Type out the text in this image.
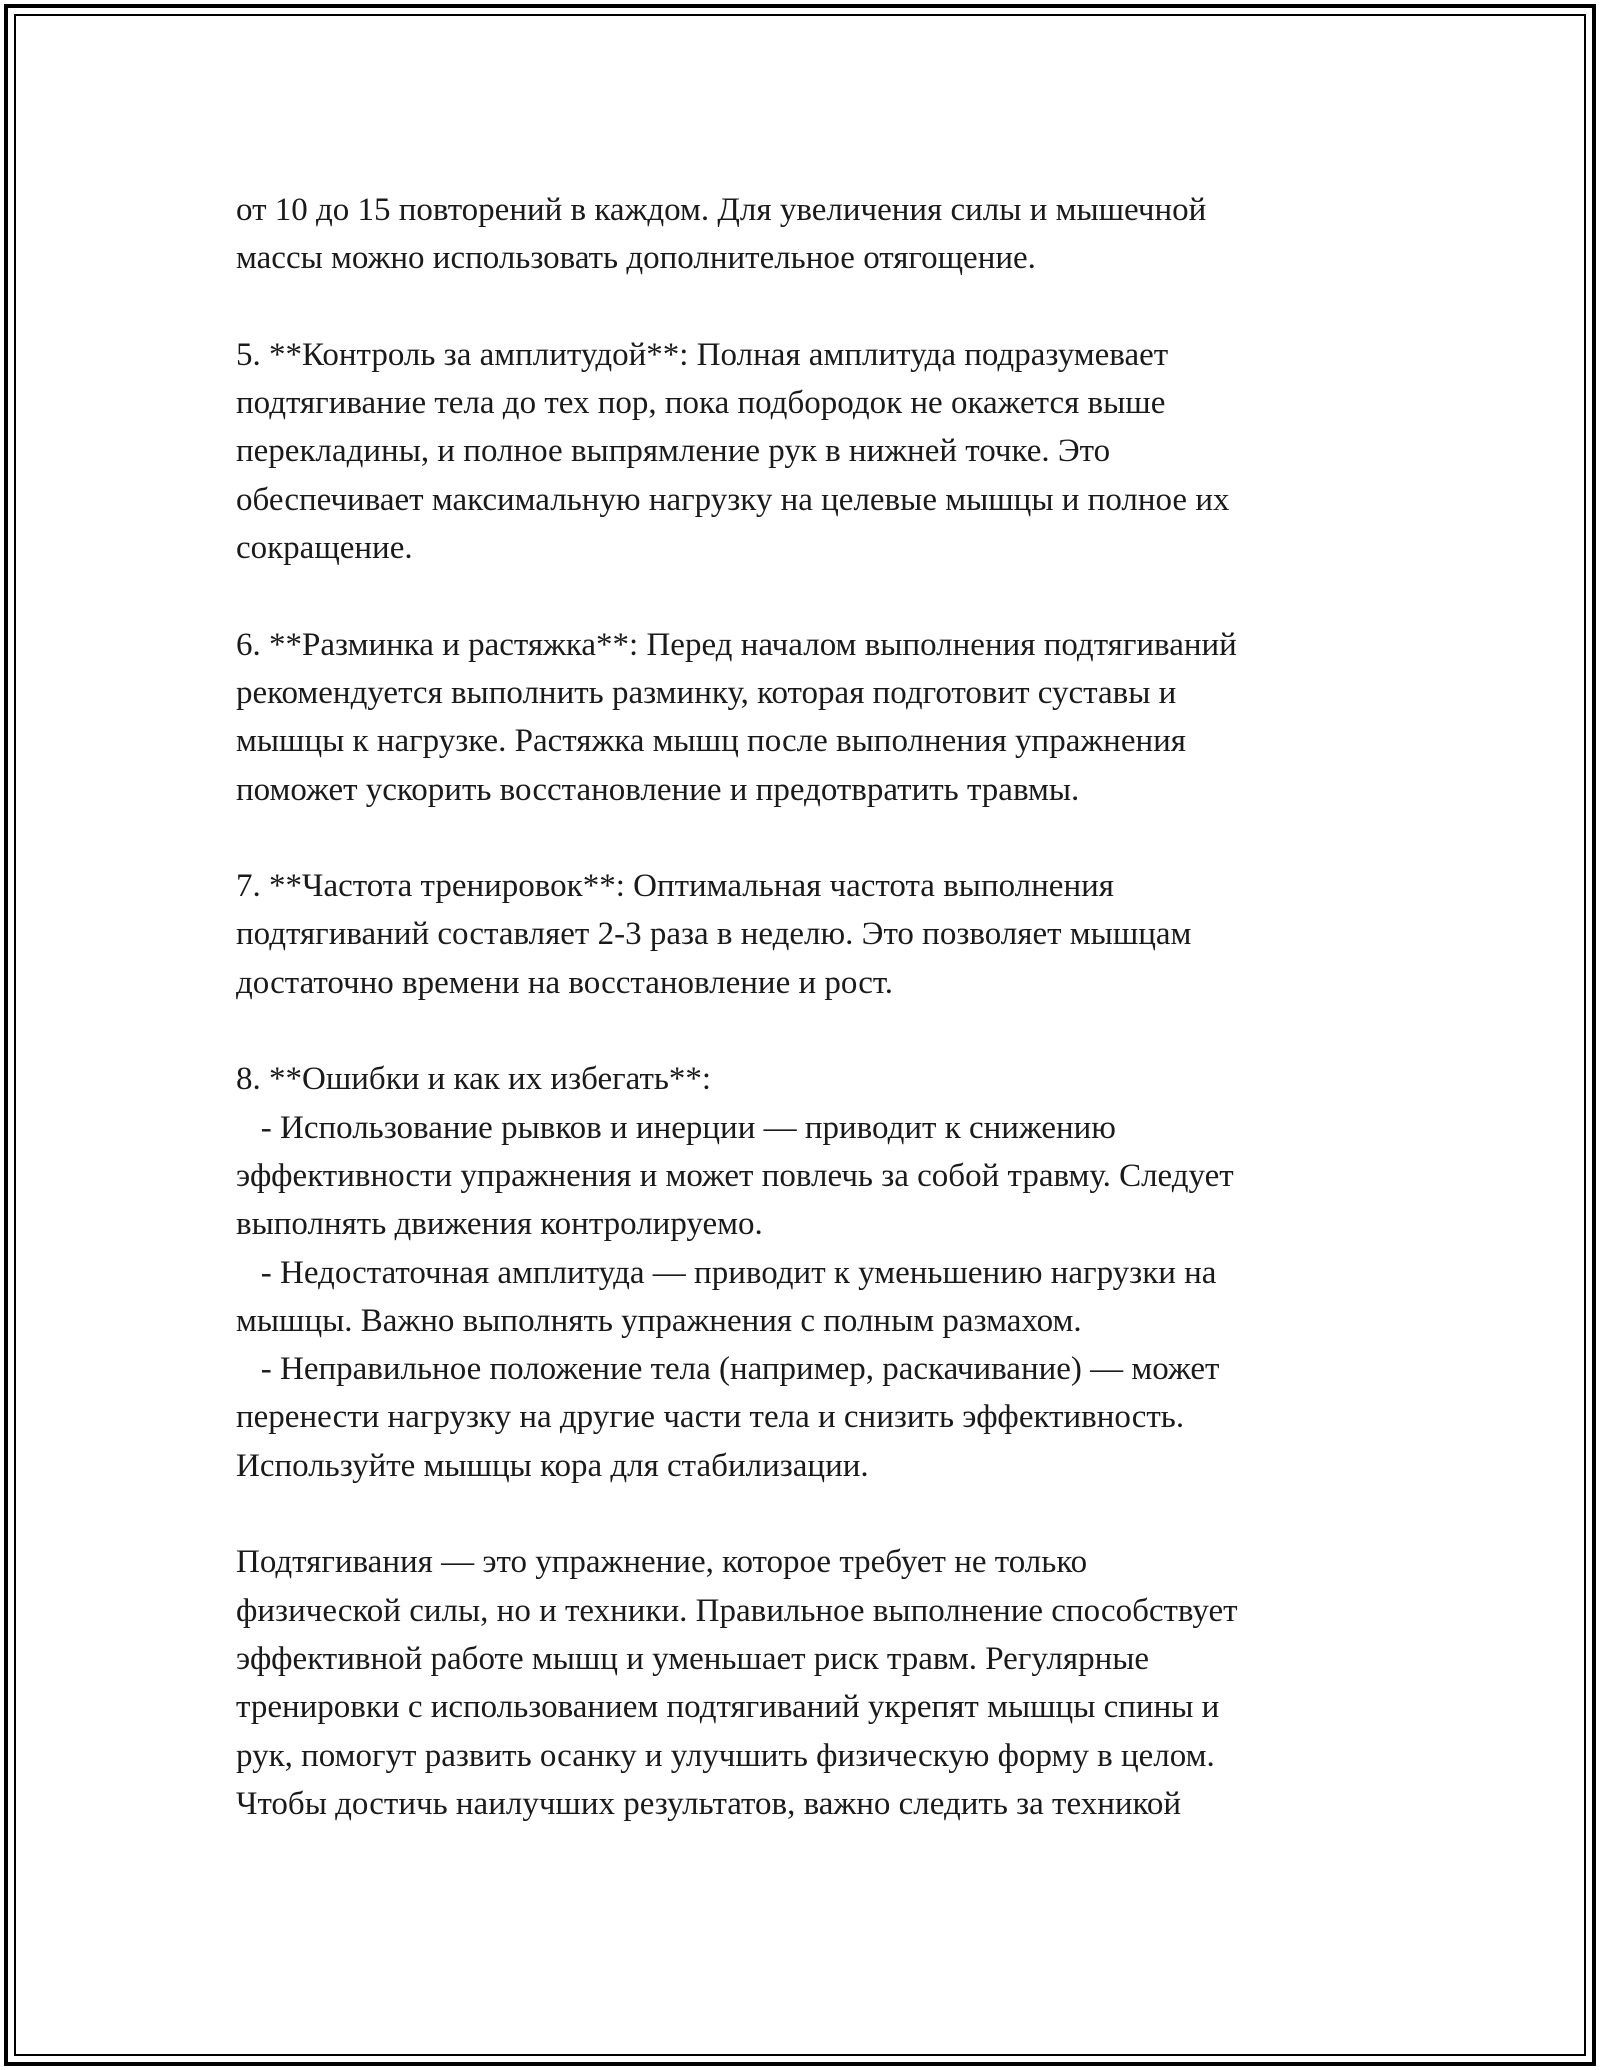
от 10 до 15 повторений в каждом. Для увеличения силы и мышечной
массы можно использовать дополнительное отягощение.
5. **Контроль за амплитудой**: Полная амплитуда подразумевает
подтягивание тела до тех пор, пока подбородок не окажется выше
перекладины, и полное выпрямление рук в нижней точке. Это
обеспечивает максимальную нагрузку на целевые мышцы и полное их
сокращение.
6. **Разминка и растяжка**: Перед началом выполнения подтягиваний
рекомендуется выполнить разминку, которая подготовит суставы и
мышцы к нагрузке. Растяжка мышц после выполнения упражнения
поможет ускорить восстановление и предотвратить травмы.
7. **Частота тренировок**: Оптимальная частота выполнения
подтягиваний составляет 2-3 раза в неделю. Это позволяет мышцам
достаточно времени на восстановление и рост.
8. **Ошибки и как их избегать**:
- Использование рывков и инерции — приводит к снижению
эффективности упражнения и может повлечь за собой травму. Следует
выполнять движения контролируемо.
- Недостаточная амплитуда — приводит к уменьшению нагрузки на
мышцы. Важно выполнять упражнения с полным размахом.
- Неправильное положение тела (например, раскачивание) — может
перенести нагрузку на другие части тела и снизить эффективность.
Используйте мышцы кора для стабилизации.
Подтягивания — это упражнение, которое требует не только
физической силы, но и техники. Правильное выполнение способствует
эффективной работе мышц и уменьшает риск травм. Регулярные
тренировки с использованием подтягиваний укрепят мышцы спины и
рук, помогут развить осанку и улучшить физическую форму в целом.
Чтобы достичь наилучших результатов, важно следить за техникой
